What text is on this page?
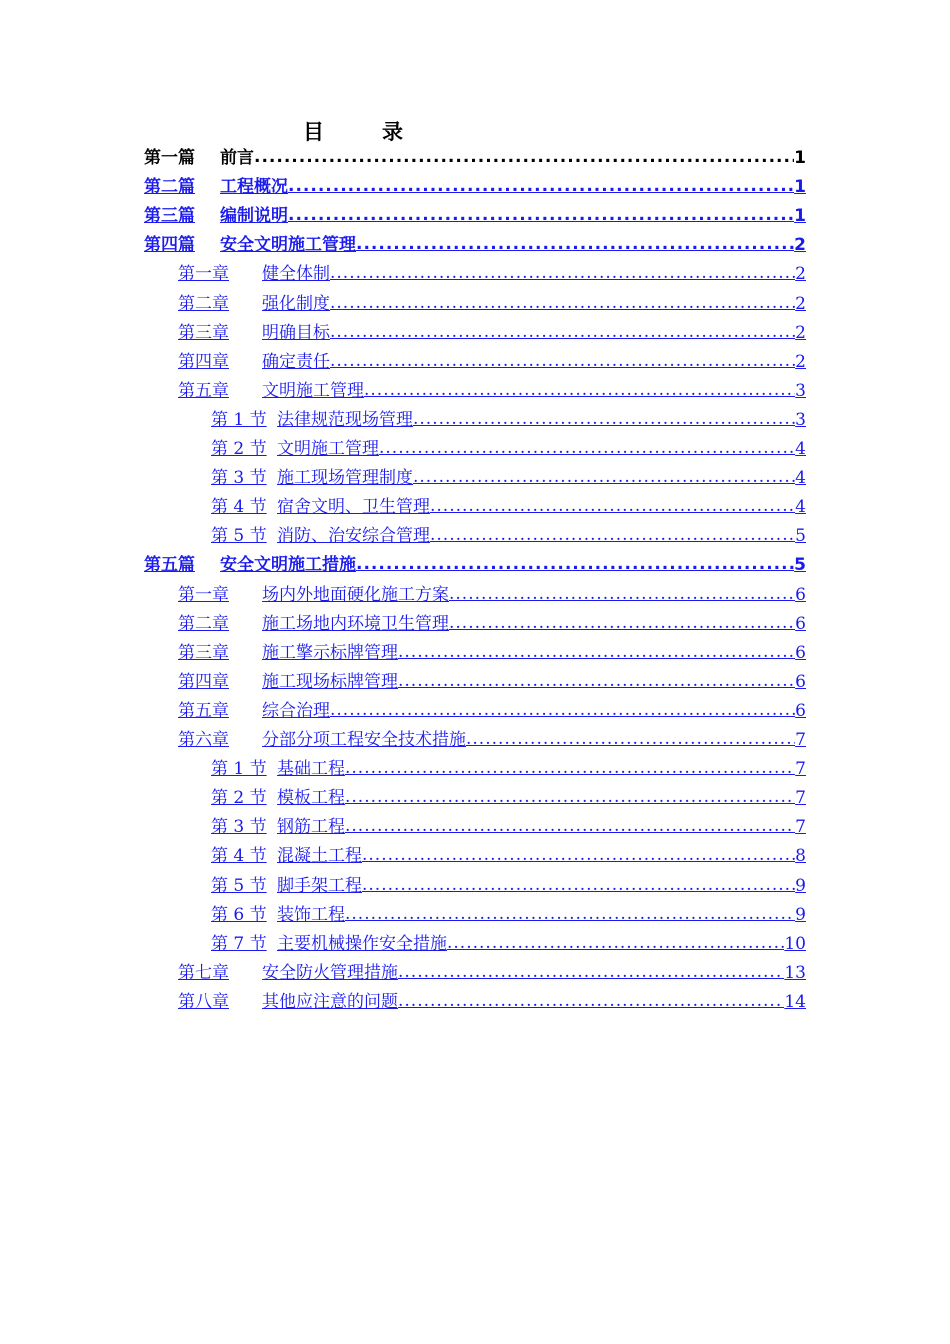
目	录
第一篇	前言 .....	1
第二篇	工程概况 .....	1
第三篇	编制说明 .....	1
第四篇	安全文明施工管理 .....	2
第一章	健全体制 .....	2
第二章	强化制度 .....	2
第三章	明确目标 .....	2
第四章	确定责任 .....	2
第五章	文明施工管理 .....	3
第 1 节 法律规范现场管理 .....	3
第 2 节 文明施工管理 .....	4
第 3 节 施工现场管理制度 .....	4
第 4 节 宿舍文明、卫生管理 .....	4
第 5 节 消防、治安综合管理 .....	5
第五篇	安全文明施工措施 .....	5
第一章	场内外地面硬化施工方案 .....	6
第二章	施工场地内环境卫生管理 .....	6
第三章	施工擎示标牌管理 .....	6
第四章	施工现场标牌管理 .....	6
第五章	综合治理 .....	6
第六章	分部分项工程安全技术措施 .....	7
第 1 节 基础工程 .....	7
第 2 节 模板工程 .....	7
第 3 节 钢筋工程 .....	7
第 4 节 混凝土工程 .....	8
第 5 节 脚手架工程 .....	9
第 6 节 装饰工程 .....	9
第 7 节 主要机械操作安全措施 .....	10
第七章	安全防火管理措施 .....	13
第八章	其他应注意的问题 .....	14
